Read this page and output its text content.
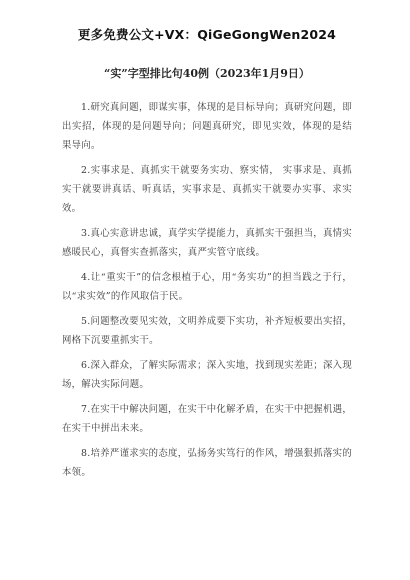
更多免费公文+VX：QiGeGongWen2024
“实”字型排比句40例（2023年1月9日）

1.研究真问题，即谋实事，体现的是目标导向；真研究问题，即出实招，体现的是问题导向；问题真研究，即见实效，体现的是结果导向。

2.实事求是、真抓实干就要务实功、察实情， 实事求是、真抓实干就要讲真话、听真话，实事求是、真抓实干就要办实事、求实效。

3.真心实意讲忠诚，真学实学提能力，真抓实干强担当，真情实感暖民心，真督实查抓落实，真严实管守底线。

4.让“重实干”的信念根植于心，用“务实功”的担当践之于行，以“求实效”的作风取信于民。

5.问题整改要见实效，文明养成要下实功，补齐短板要出实招，网格下沉要重抓实干。

6.深入群众，了解实际需求；深入实地，找到现实差距；深入现场，解决实际问题。

7.在实干中解决问题，在实干中化解矛盾，在实干中把握机遇，在实干中拼出未来。

8.培养严谨求实的态度，弘扬务实笃行的作风，增强狠抓落实的本领。
